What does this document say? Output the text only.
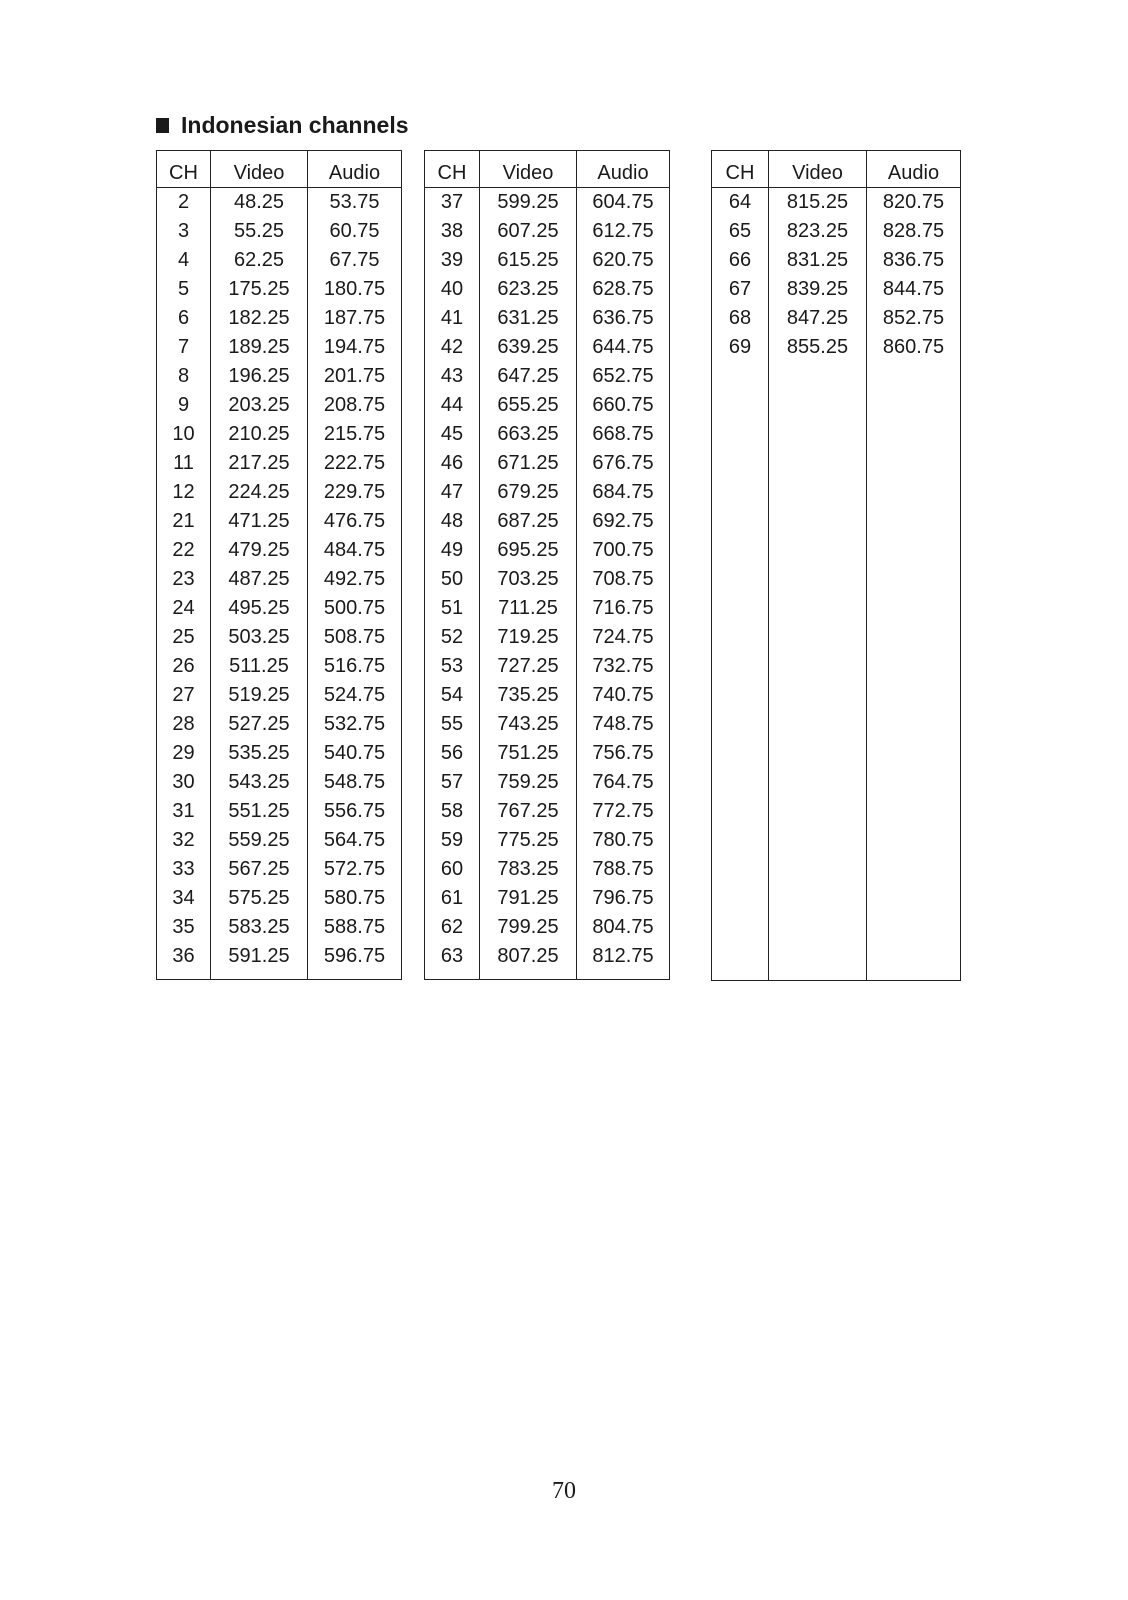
Indonesian channels
CH	Video	Audio
2	48.25	53.75
3	55.25	60.75
4	62.25	67.75
5	175.25	180.75
6	182.25	187.75
7	189.25	194.75
8	196.25	201.75
9	203.25	208.75
10	210.25	215.75
11	217.25	222.75
12	224.25	229.75
21	471.25	476.75
22	479.25	484.75
23	487.25	492.75
24	495.25	500.75
25	503.25	508.75
26	511.25	516.75
27	519.25	524.75
28	527.25	532.75
29	535.25	540.75
30	543.25	548.75
31	551.25	556.75
32	559.25	564.75
33	567.25	572.75
34	575.25	580.75
35	583.25	588.75
36	591.25	596.75

CH	Video	Audio
37	599.25	604.75
38	607.25	612.75
39	615.25	620.75
40	623.25	628.75
41	631.25	636.75
42	639.25	644.75
43	647.25	652.75
44	655.25	660.75
45	663.25	668.75
46	671.25	676.75
47	679.25	684.75
48	687.25	692.75
49	695.25	700.75
50	703.25	708.75
51	711.25	716.75
52	719.25	724.75
53	727.25	732.75
54	735.25	740.75
55	743.25	748.75
56	751.25	756.75
57	759.25	764.75
58	767.25	772.75
59	775.25	780.75
60	783.25	788.75
61	791.25	796.75
62	799.25	804.75
63	807.25	812.75

CH	Video	Audio
64	815.25	820.75
65	823.25	828.75
66	831.25	836.75
67	839.25	844.75
68	847.25	852.75
69	855.25	860.75

70
